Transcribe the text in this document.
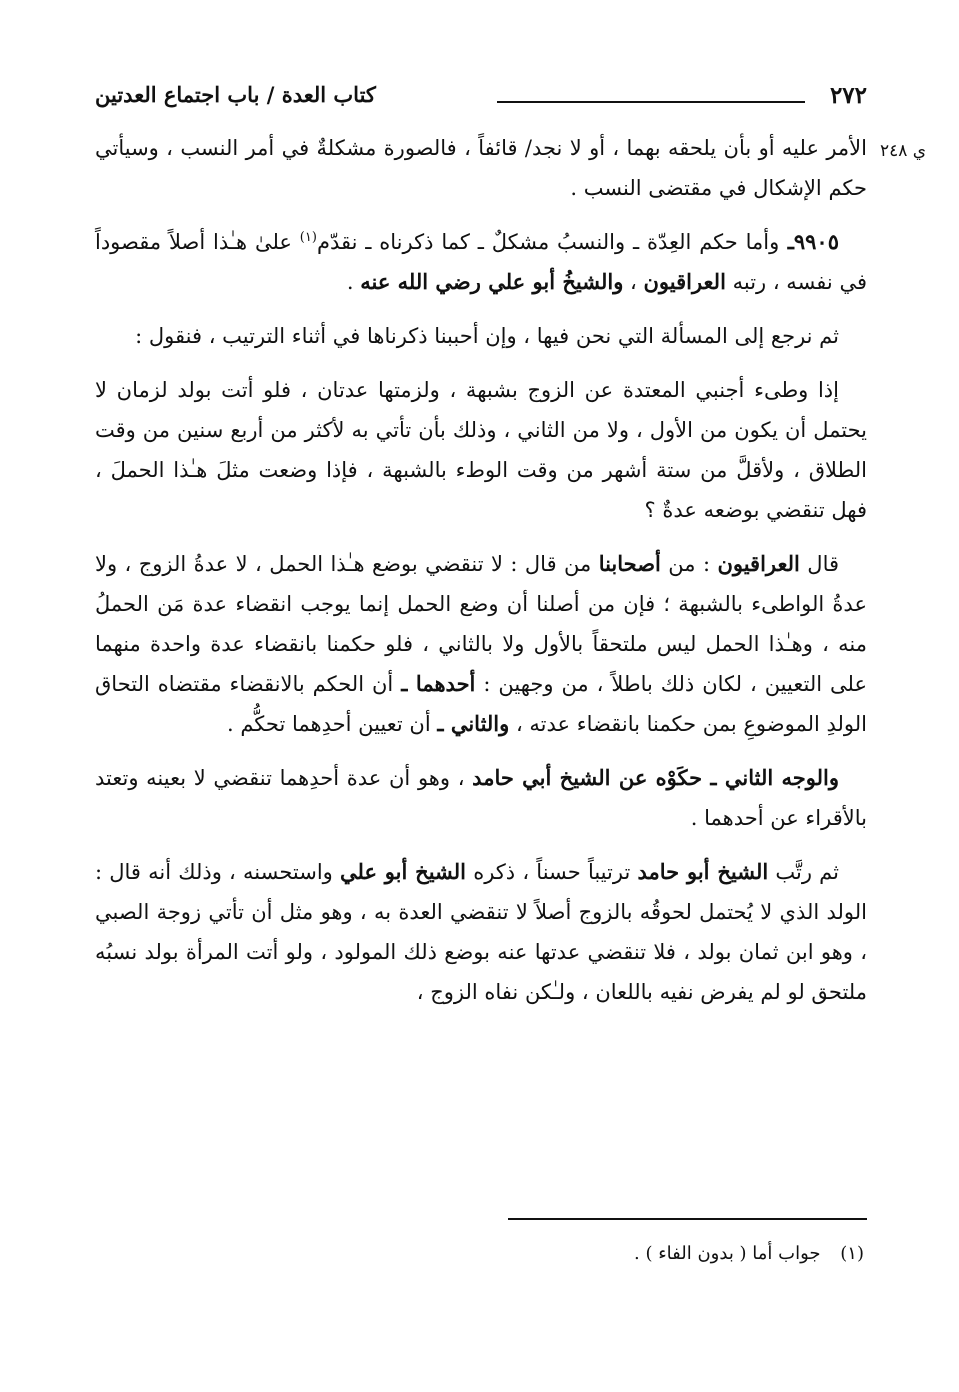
٢٧٢
كتاب العدة / باب اجتماع العدتين
ي ٢٤٨

الأمر عليه أو بأن يلحقه بهما ، أو لا نجد/ قائفاً ، فالصورة مشكلةٌ في أمر النسب ، وسيأتي حكم الإشكال في مقتضى النسب .

٩٩٠٥ـ وأما حكم العِدّة ـ والنسبُ مشكلٌ ـ كما ذكرناه ـ نقدّم$^{(١)}$ علىٰ هـٰذا أصلاً مقصوداً في نفسه ، رتبه العراقيون ، والشيخُ أبو علي رضي الله عنه .

ثم نرجع إلى المسألة التي نحن فيها ، وإن أحببنا ذكرناها في أثناء الترتيب ، فنقول :

إذا وطىء أجنبي المعتدة عن الزوج بشبهة ، ولزمتها عدتان ، فلو أتت بولد لزمان لا يحتمل أن يكون من الأول ، ولا من الثاني ، وذلك بأن تأتي به لأكثر من أربع سنين من وقت الطلاق ، ولأقلَّ من ستة أشهر من وقت الوطء بالشبهة ، فإذا وضعت مثلَ هـٰذا الحملَ ، فهل تنقضي بوضعه عدةٌ ؟

قال العراقيون : من أصحابنا من قال : لا تنقضي بوضع هـٰذا الحمل ، لا عدةُ الزوج ، ولا عدةُ الواطىء بالشبهة ؛ فإن من أصلنا أن وضع الحمل إنما يوجب انقضاء عدة مَن الحملُ منه ، وهـٰذا الحمل ليس ملتحقاً بالأول ولا بالثاني ، فلو حكمنا بانقضاء عدة واحدة منهما على التعيين ، لكان ذلك باطلاً ، من وجهين : أحدهما ـ أن الحكم بالانقضاء مقتضاه التحاق الولدِ الموضوعِ بمن حكمنا بانقضاء عدته ، والثاني ـ أن تعيين أحدِهما تحكُّم .

والوجه الثاني ـ حكَوْه عن الشيخ أبي حامد ، وهو أن عدة أحدِهما تنقضي لا بعينه وتعتد بالأقراء عن أحدهما .

ثم رتَّب الشيخ أبو حامد ترتيباً حسناً ، ذكره الشيخ أبو علي واستحسنه ، وذلك أنه قال : الولد الذي لا يُحتمل لحوقُه بالزوج أصلاً لا تنقضي العدة به ، وهو مثل أن تأتي زوجة الصبي ، وهو ابن ثمان بولد ، فلا تنقضي عدتها عنه بوضع ذلك المولود ، ولو أتت المرأة بولد نسبُه ملتحق لو لم يفرض نفيه باللعان ، ولـٰكن نفاه الزوج ،

(١) جواب أما ( بدون الفاء ) .
